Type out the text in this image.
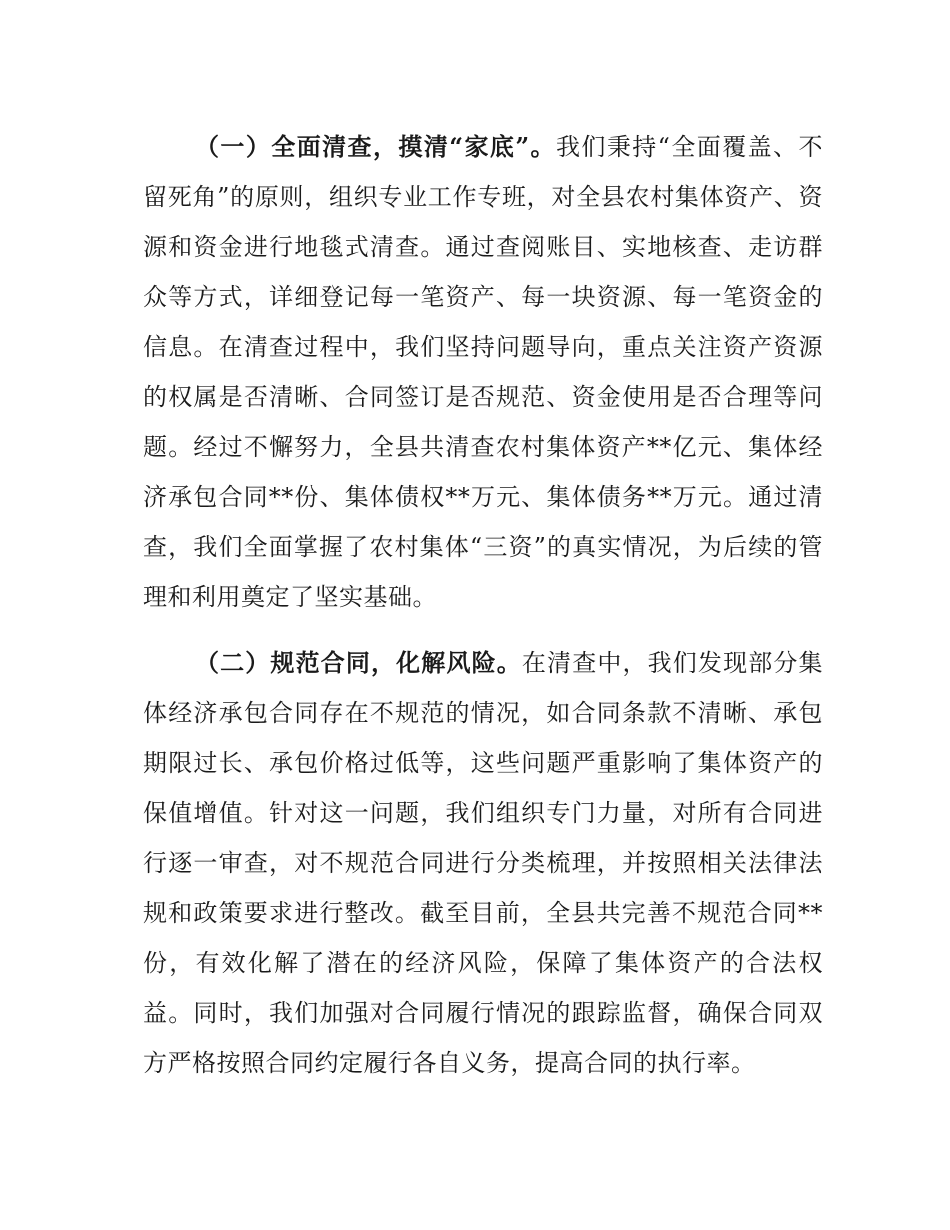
（一）全面清查，摸清“家底”。我们秉持“全面覆盖、不留死角”的原则，组织专业工作专班，对全县农村集体资产、资源和资金进行地毯式清查。通过查阅账目、实地核查、走访群众等方式，详细登记每一笔资产、每一块资源、每一笔资金的信息。在清查过程中，我们坚持问题导向，重点关注资产资源的权属是否清晰、合同签订是否规范、资金使用是否合理等问题。经过不懈努力，全县共清查农村集体资产**亿元、集体经济承包合同**份、集体债权**万元、集体债务**万元。通过清查，我们全面掌握了农村集体“三资”的真实情况，为后续的管理和利用奠定了坚实基础。

（二）规范合同，化解风险。在清查中，我们发现部分集体经济承包合同存在不规范的情况，如合同条款不清晰、承包期限过长、承包价格过低等，这些问题严重影响了集体资产的保值增值。针对这一问题，我们组织专门力量，对所有合同进行逐一审查，对不规范合同进行分类梳理，并按照相关法律法规和政策要求进行整改。截至目前，全县共完善不规范合同**份，有效化解了潜在的经济风险，保障了集体资产的合法权益。同时，我们加强对合同履行情况的跟踪监督，确保合同双方严格按照合同约定履行各自义务，提高合同的执行率。
